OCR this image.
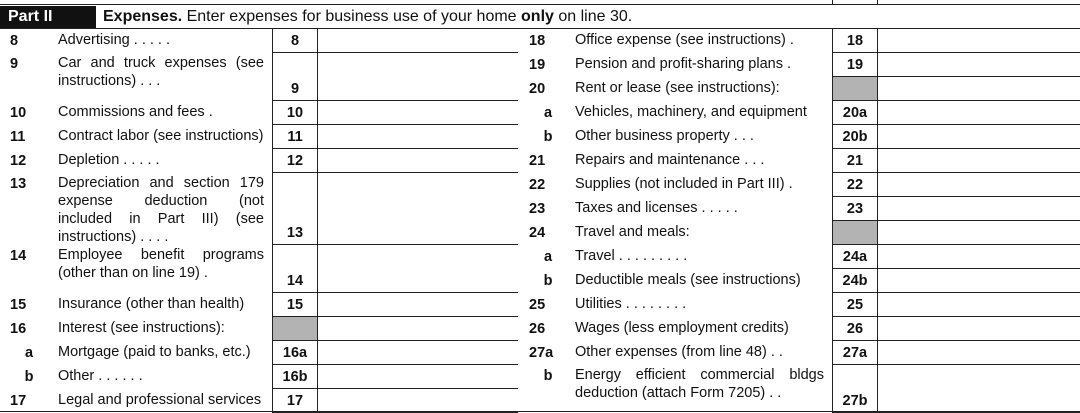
Part II	Expenses. Enter expenses for business use of your home only on line 30.
8	Advertising . . . . .	8
9	Car and truck expenses (see instructions) . . .	9
10	Commissions and fees .	10
11	Contract labor (see instructions)	11
12	Depletion . . . . .	12
13	Depreciation and section 179 expense deduction (not included in Part III) (see instructions) . . . .	13
14	Employee benefit programs (other than on line 19) .	14
15	Insurance (other than health)	15
16	Interest (see instructions):
a	Mortgage (paid to banks, etc.)	16a
b	Other . . . . . .	16b
17	Legal and professional services	17
18	Office expense (see instructions) .	18
19	Pension and profit-sharing plans .	19
20	Rent or lease (see instructions):
a	Vehicles, machinery, and equipment	20a
b	Other business property . . .	20b
21	Repairs and maintenance . . .	21
22	Supplies (not included in Part III) .	22
23	Taxes and licenses . . . . .	23
24	Travel and meals:
a	Travel . . . . . . . . .	24a
b	Deductible meals (see instructions)	24b
25	Utilities . . . . . . . .	25
26	Wages (less employment credits)	26
27a	Other expenses (from line 48) . .	27a
b	Energy efficient commercial bldgs deduction (attach Form 7205) . .	27b
